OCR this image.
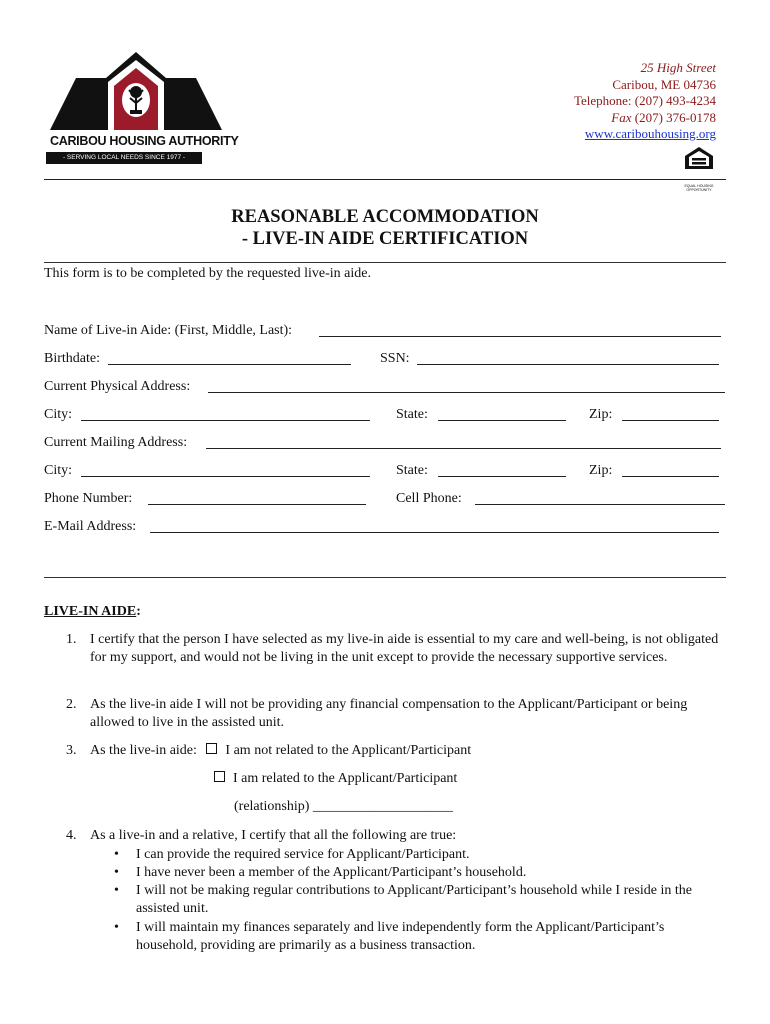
CARIBOU HOUSING AUTHORITY
- SERVING LOCAL NEEDS SINCE 1977 -
25 High Street
Caribou, ME 04736
Telephone: (207) 493-4234
Fax (207) 376-0178
www.caribouhousing.org
EQUAL HOUSING OPPORTUNITY
REASONABLE ACCOMMODATION
- LIVE-IN AIDE CERTIFICATION
This form is to be completed by the requested live-in aide.
Name of Live-in Aide: (First, Middle, Last):
Birthdate:	SSN:
Current Physical Address:
City:	State:	Zip:
Current Mailing Address:
City:	State:	Zip:
Phone Number:	Cell Phone:
E-Mail Address:
LIVE-IN AIDE:
1. I certify that the person I have selected as my live-in aide is essential to my care and well-being, is not obligated for my support, and would not be living in the unit except to provide the necessary supportive services.
2. As the live-in aide I will not be providing any financial compensation to the Applicant/Participant or being allowed to live in the assisted unit.
3. As the live-in aide: I am not related to the Applicant/Participant
I am related to the Applicant/Participant
(relationship) ____________________
4. As a live-in and a relative, I certify that all the following are true:
• I can provide the required service for Applicant/Participant.
• I have never been a member of the Applicant/Participant’s household.
• I will not be making regular contributions to Applicant/Participant’s household while I reside in the assisted unit.
• I will maintain my finances separately and live independently form the Applicant/Participant’s household, providing are primarily as a business transaction.
